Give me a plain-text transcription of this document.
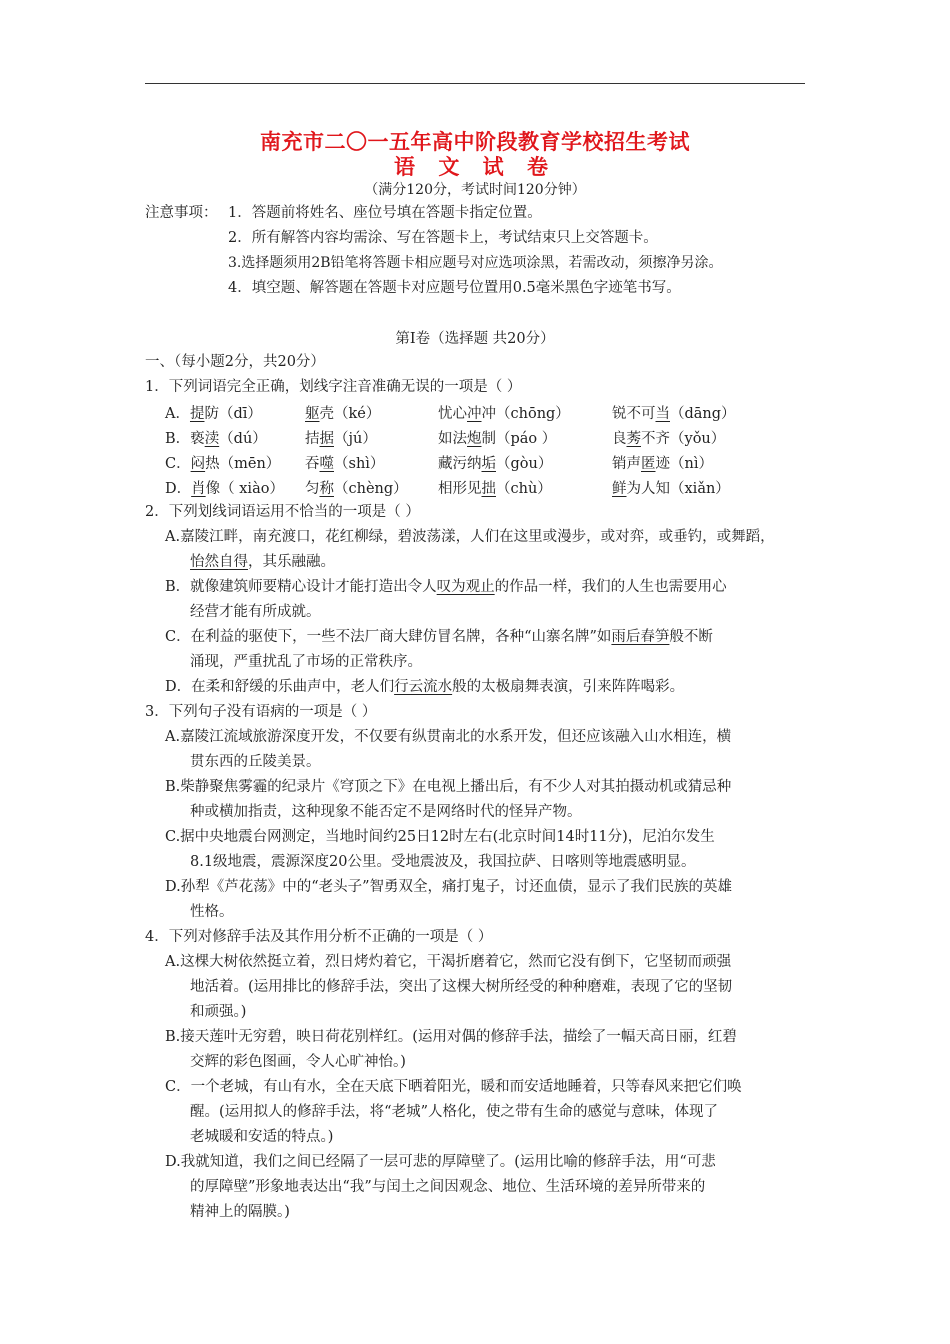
南充市二〇一五年高中阶段教育学校招生考试
语 文 试 卷
（满分120分，考试时间120分钟）
注意事项： 1．答题前将姓名、座位号填在答题卡指定位置。
2．所有解答内容均需涂、写在答题卡上，考试结束只上交答题卡。
3.选择题须用2B铅笔将答题卡相应题号对应选项涂黑，若需改动，须擦净另涂。
4．填空题、解答题在答题卡对应题号位置用0.5毫米黑色字迹笔书写。
第Ⅰ卷（选择题 共20分）
一、（每小题2分，共20分）
1．下列词语完全正确，划线字注音准确无误的一项是（ ）
A．提防（dī）	躯壳（ké）	忧心冲冲（chōng）	锐不可当（dāng）
B．亵渎（dú）	拮据（jú）	如法炮制（páo ）	良莠不齐（yǒu）
C．闷热（mēn） 吞噬（shì）	藏污纳垢（gòu）	销声匿迹（nì）
D．肖像（ xiào） 匀称（chèng） 相形见拙（chù）	鲜为人知（xiǎn）
2．下列划线词语运用不恰当的一项是（ ）
A.嘉陵江畔，南充渡口，花红柳绿，碧波荡漾，人们在这里或漫步，或对弈，或垂钓，或舞蹈，
怡然自得，其乐融融。
B．就像建筑师要精心设计才能打造出令人叹为观止的作品一样，我们的人生也需要用心
经营才能有所成就。
C．在利益的驱使下，一些不法厂商大肆仿冒名牌，各种“山寨名牌”如雨后春笋般不断
涌现，严重扰乱了市场的正常秩序。
D．在柔和舒缓的乐曲声中，老人们行云流水般的太极扇舞表演，引来阵阵喝彩。
3．下列句子没有语病的一项是（ ）
A.嘉陵江流域旅游深度开发，不仅要有纵贯南北的水系开发，但还应该融入山水相连，横
贯东西的丘陵美景。
B.柴静聚焦雾霾的纪录片《穹顶之下》在电视上播出后，有不少人对其拍摄动机或猜忌种
种或横加指责，这种现象不能否定不是网络时代的怪异产物。
C.据中央地震台网测定，当地时间约25日12时左右(北京时间14时11分)，尼泊尔发生
8.1级地震，震源深度20公里。受地震波及，我国拉萨、日喀则等地震感明显。
D.孙犁《芦花荡》中的“老头子”智勇双全，痛打鬼子，讨还血债，显示了我们民族的英雄
性格。
4．下列对修辞手法及其作用分析不正确的一项是（ ）
A.这棵大树依然挺立着，烈日烤灼着它，干渴折磨着它，然而它没有倒下，它坚韧而顽强
地活着。(运用排比的修辞手法，突出了这棵大树所经受的种种磨难，表现了它的坚韧
和顽强。)
B.接天莲叶无穷碧，映日荷花别样红。(运用对偶的修辞手法，描绘了一幅天高日丽，红碧
交辉的彩色图画，令人心旷神怡。)
C．一个老城，有山有水，全在天底下晒着阳光，暖和而安适地睡着，只等春风来把它们唤
醒。(运用拟人的修辞手法，将“老城”人格化，使之带有生命的感觉与意味，体现了
老城暖和安适的特点。)
D.我就知道，我们之间已经隔了一层可悲的厚障壁了。(运用比喻的修辞手法，用“可悲
的厚障壁”形象地表达出“我”与闰土之间因观念、地位、生活环境的差异所带来的
精神上的隔膜。)
